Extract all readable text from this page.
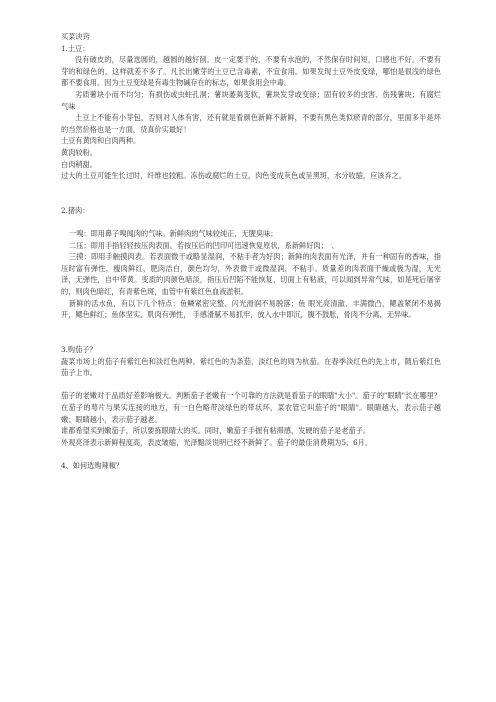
买菜诀窍

1.土豆：

没有破皮的，尽量选圆的，越圆的越好削。皮一定要干的，不要有水泡的，不然保存时间短，口感也不好。不要有芽的和绿色的，这样就差不多了。凡长出嫩芽的土豆已含毒素，不宜食用。如果发现土豆外皮变绿，哪怕是很浅的绿色都不要食用。因为土豆变绿是有毒生物碱存在的标志，如果食用会中毒。

劣质薯块小而不均匀；有损伤或虫蛀孔洞；薯块萎蔫变软，薯块发芽或变绿；固有较多的虫害、伤残薯块；有腐烂气味

土豆上不能有小芽包，否则对人体有害，还有就是看颜色新鲜不新鲜，不要有黑色类似瘀青的部分，里面多半是坏的当然价格也是一方面，货真价实最好！

土豆有黄肉和白肉两种。

黄肉较粉。

白肉稍甜。

过大的土豆可能生长过时，纤维也较粗。冻伤或腐烂的土豆，肉色变成灰色或呈黑斑，水分收缩，应该弃之。

2.猪肉：

一嗅：即用鼻子嗅闻肉的气味。新鲜肉的气味较纯正，无腥臭味；

二压：即用手指轻轻按压肉表面。若按压后的凹印可迅速恢复原状，系新鲜好肉；　、

三摸：即用手触摸肉表。若表面微干或略显湿润，不粘手者为好肉；新鲜的肉表面有光泽，并有一种固有的香味，指压时富有弹性，瘦肉鲜红，肥肉洁白，颜色均匀，外表微干或微湿润，不粘手。质量差的肉表面干燥或极为湿，无光泽，无弹性，自中带黄。变质的肉颜色暗淡，指压后凹陷不能恢复，切面上有粘液，可以闻到异常气味，如是死后屠宰的，则肉色暗红，有青紫色斑，血管中有紫红色血液淤积。

新鲜的活水鱼，有以下几个特点：鱼鳞紧密完整、闪光滑润不易脱落；鱼 眼光亮清澈、丰满微凸，鳃盖紧闭不易揭开，鳃色鲜红；鱼体坚实，肌肉有弹性， 手感滑腻不易抓牢，放入水中即沉，腹不鼓胀，骨肉不分离，无异味。

3.购茄子？

蔬菜市场上的茄子有紫红色和淡红色两种。紫红色的为条茄，淡红色的则为杭茄。在春季淡红色的先上市，随后紫红色茄子上市。

茄子的老嫩对于品质好差影响极大。判断茄子老嫩有一个可靠的方法就是看茄子的眼睛"大小"。茄子的"眼睛"长在哪里？在茄子的萼片与果实连接的地方，有一白色略带淡绿色的带状环，菜农管它叫茄子的"眼睛"。眼睛越大，表示茄子越嫩；眼睛越小，表示茄子越老。

谁都希望买到嫩茄子，所以要拣眼睛大的买。同时，嫩茄子手握有粘滞感，发硬的茄子是老茄子。

外观亮泽表示新鲜程度高，表皮皱缩、光泽黯淡说明已经不新鲜了。茄子的最佳消费期为5、6月。

4、如何选购辣椒？
